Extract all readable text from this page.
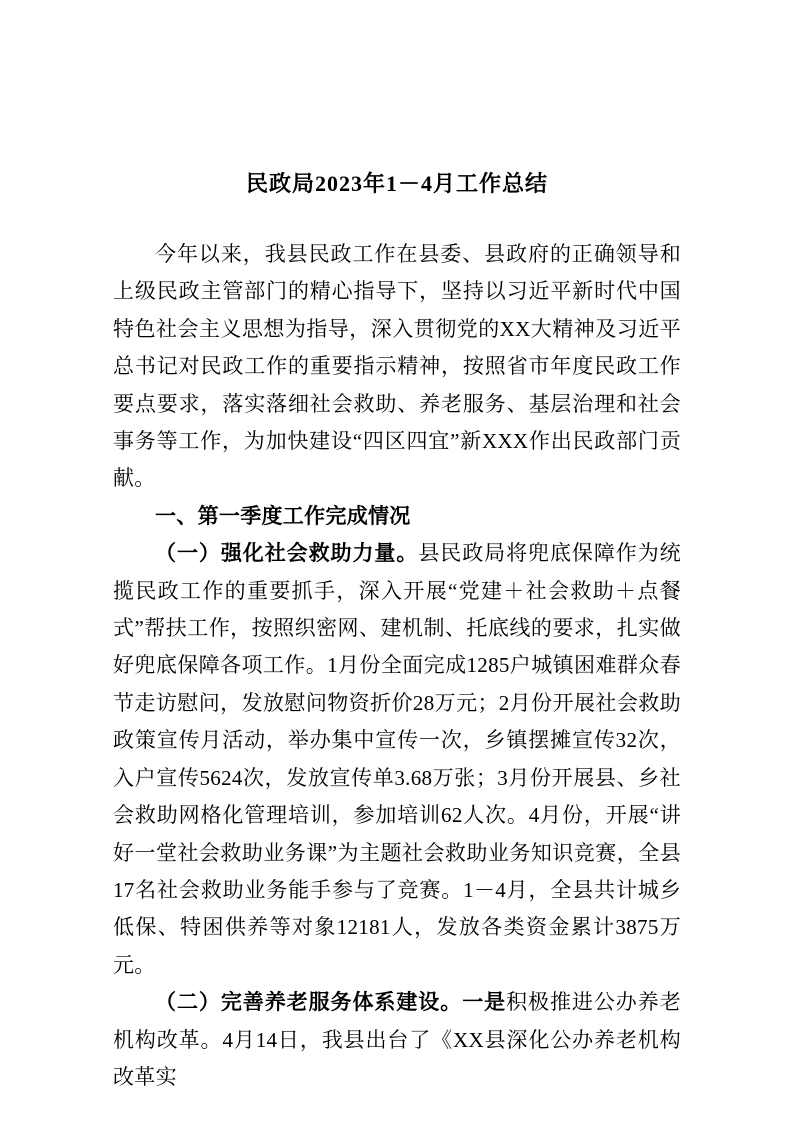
民政局2023年1－4月工作总结

今年以来，我县民政工作在县委、县政府的正确领导和上级民政主管部门的精心指导下，坚持以习近平新时代中国特色社会主义思想为指导，深入贯彻党的XX大精神及习近平总书记对民政工作的重要指示精神，按照省市年度民政工作要点要求，落实落细社会救助、养老服务、基层治理和社会事务等工作，为加快建设“四区四宜”新XXX作出民政部门贡献。

一、第一季度工作完成情况

（一）强化社会救助力量。县民政局将兜底保障作为统揽民政工作的重要抓手，深入开展“党建＋社会救助＋点餐式”帮扶工作，按照织密网、建机制、托底线的要求，扎实做好兜底保障各项工作。1月份全面完成1285户城镇困难群众春节走访慰问，发放慰问物资折价28万元；2月份开展社会救助政策宣传月活动，举办集中宣传一次，乡镇摆摊宣传32次，入户宣传5624次，发放宣传单3.68万张；3月份开展县、乡社会救助网格化管理培训，参加培训62人次。4月份，开展“讲好一堂社会救助业务课”为主题社会救助业务知识竞赛，全县17名社会救助业务能手参与了竞赛。1－4月，全县共计城乡低保、特困供养等对象12181人，发放各类资金累计3875万元。

（二）完善养老服务体系建设。一是积极推进公办养老机构改革。4月14日，我县出台了《XX县深化公办养老机构改革实
